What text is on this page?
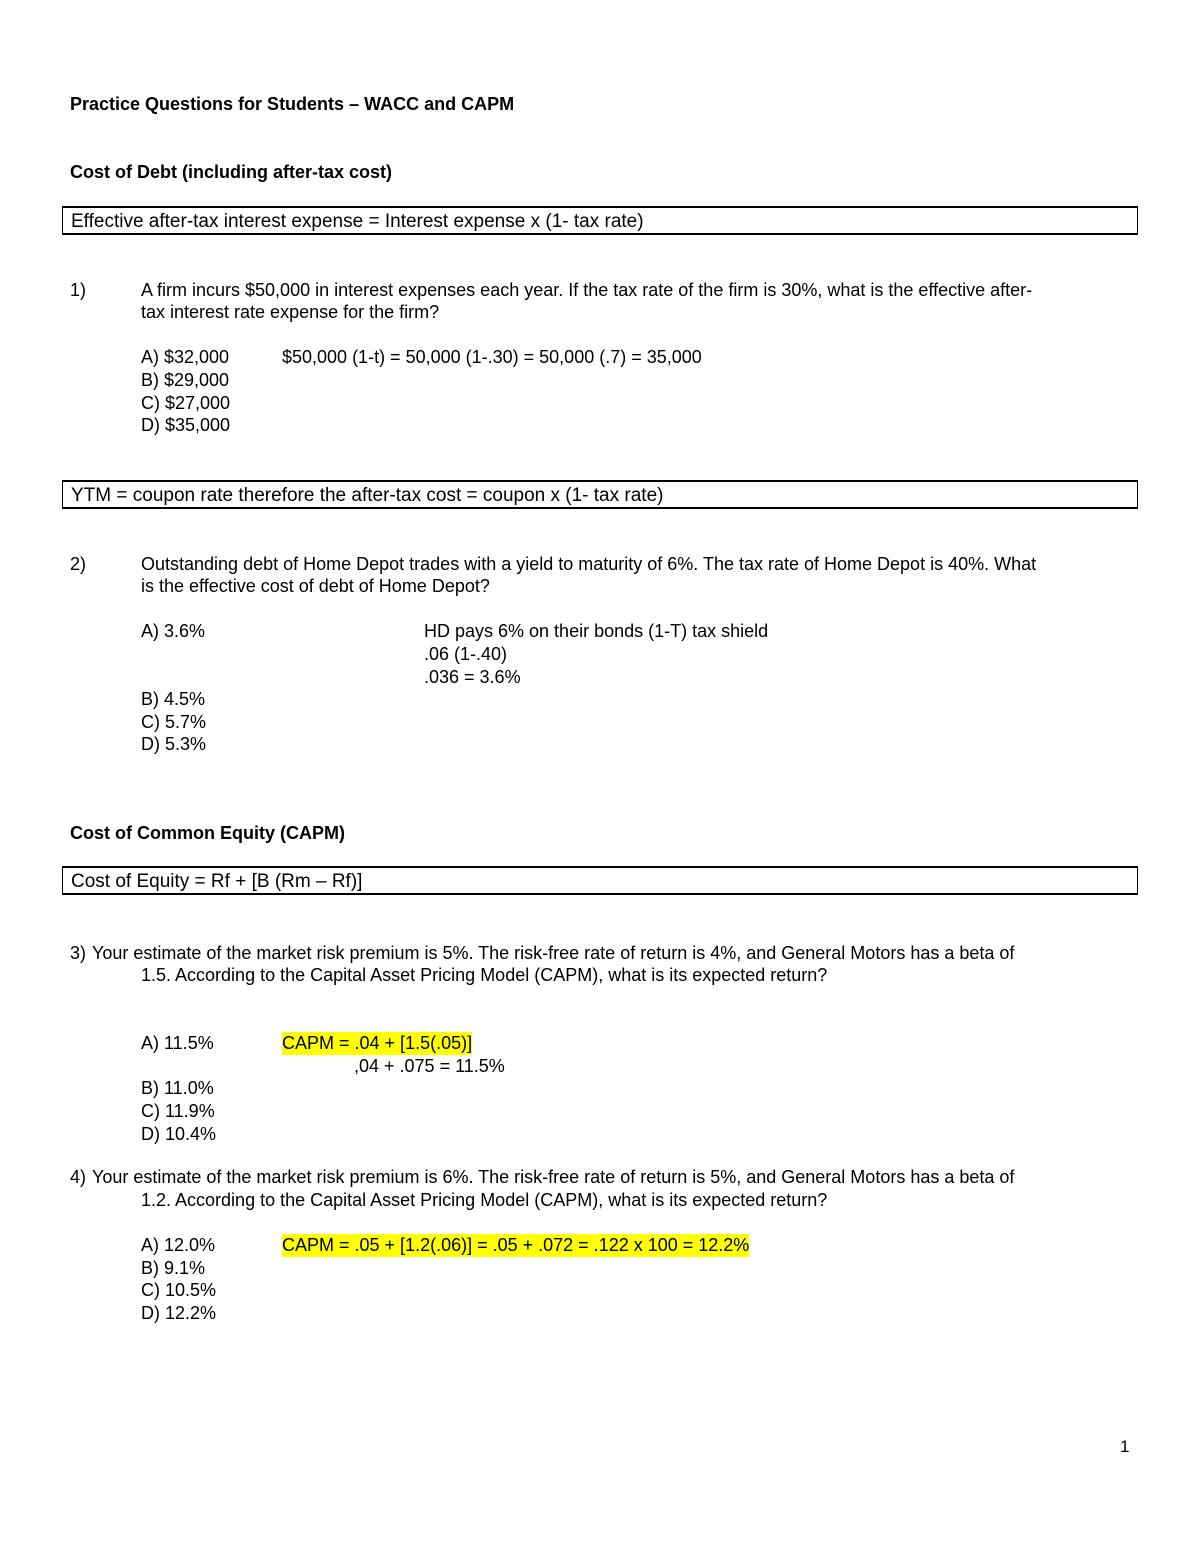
Practice Questions for Students – WACC and CAPM
Cost of Debt (including after-tax cost)
Effective after-tax interest expense = Interest expense x (1- tax rate)
1)	A firm incurs $50,000 in interest expenses each year. If the tax rate of the firm is 30%, what is the effective after-
tax interest rate expense for the firm?
A) $32,000	$50,000 (1-t) = 50,000 (1-.30) = 50,000 (.7) = 35,000
B) $29,000
C) $27,000
D) $35,000
YTM = coupon rate therefore the after-tax cost = coupon x (1- tax rate)
2)	Outstanding debt of Home Depot trades with a yield to maturity of 6%. The tax rate of Home Depot is 40%. What
is the effective cost of debt of Home Depot?
A) 3.6%	HD pays 6% on their bonds (1-T) tax shield
.06 (1-.40)
.036 = 3.6%
B) 4.5%
C) 5.7%
D) 5.3%
Cost of Common Equity (CAPM)
Cost of Equity = Rf + [B (Rm – Rf)]
3) Your estimate of the market risk premium is 5%. The risk-free rate of return is 4%, and General Motors has a beta of
1.5. According to the Capital Asset Pricing Model (CAPM), what is its expected return?
A) 11.5%	CAPM = .04 + [1.5(.05)]
,04 + .075 = 11.5%
B) 11.0%
C) 11.9%
D) 10.4%
4) Your estimate of the market risk premium is 6%. The risk-free rate of return is 5%, and General Motors has a beta of
1.2. According to the Capital Asset Pricing Model (CAPM), what is its expected return?
A) 12.0%	CAPM = .05 + [1.2(.06)] = .05 + .072 = .122 x 100 = 12.2%
B) 9.1%
C) 10.5%
D) 12.2%
1
